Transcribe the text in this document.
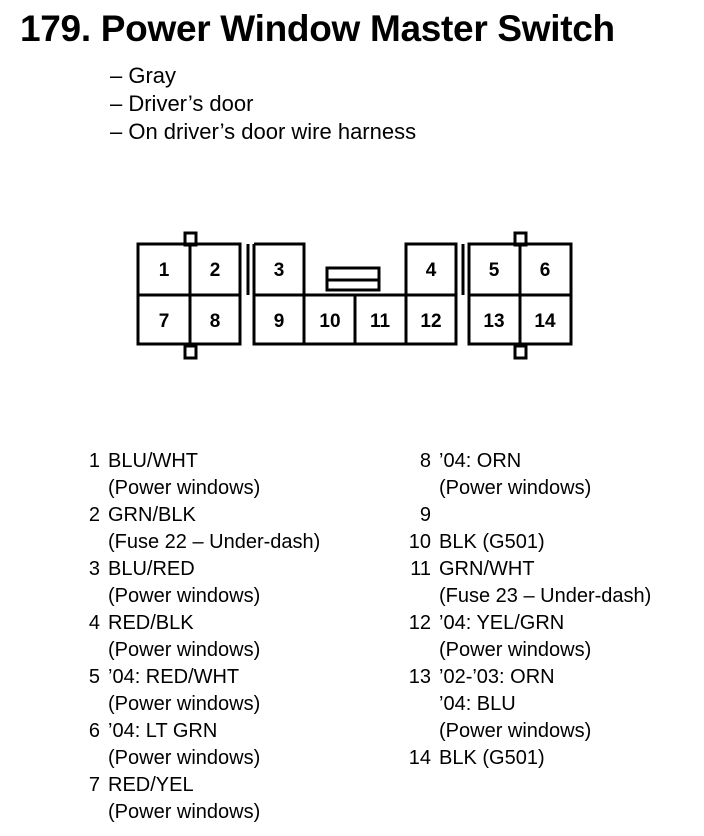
179. Power Window Master Switch
– Gray
– Driver’s door
– On driver’s door wire harness
1 2	3	4	5 6
7 8	9 10 11 12 13 14
1 BLU/WHT
(Power windows)
2 GRN/BLK
(Fuse 22 – Under-dash)
3 BLU/RED
(Power windows)
4 RED/BLK
(Power windows)
5 ’04: RED/WHT
(Power windows)
6 ’04: LT GRN
(Power windows)
7 RED/YEL
(Power windows)
8 ’04: ORN
(Power windows)
9

10 BLK (G501)
11 GRN/WHT
(Fuse 23 – Under-dash)
12 ’04: YEL/GRN
(Power windows)
13 ’02-’03: ORN
’04: BLU
(Power windows)
14 BLK (G501)
